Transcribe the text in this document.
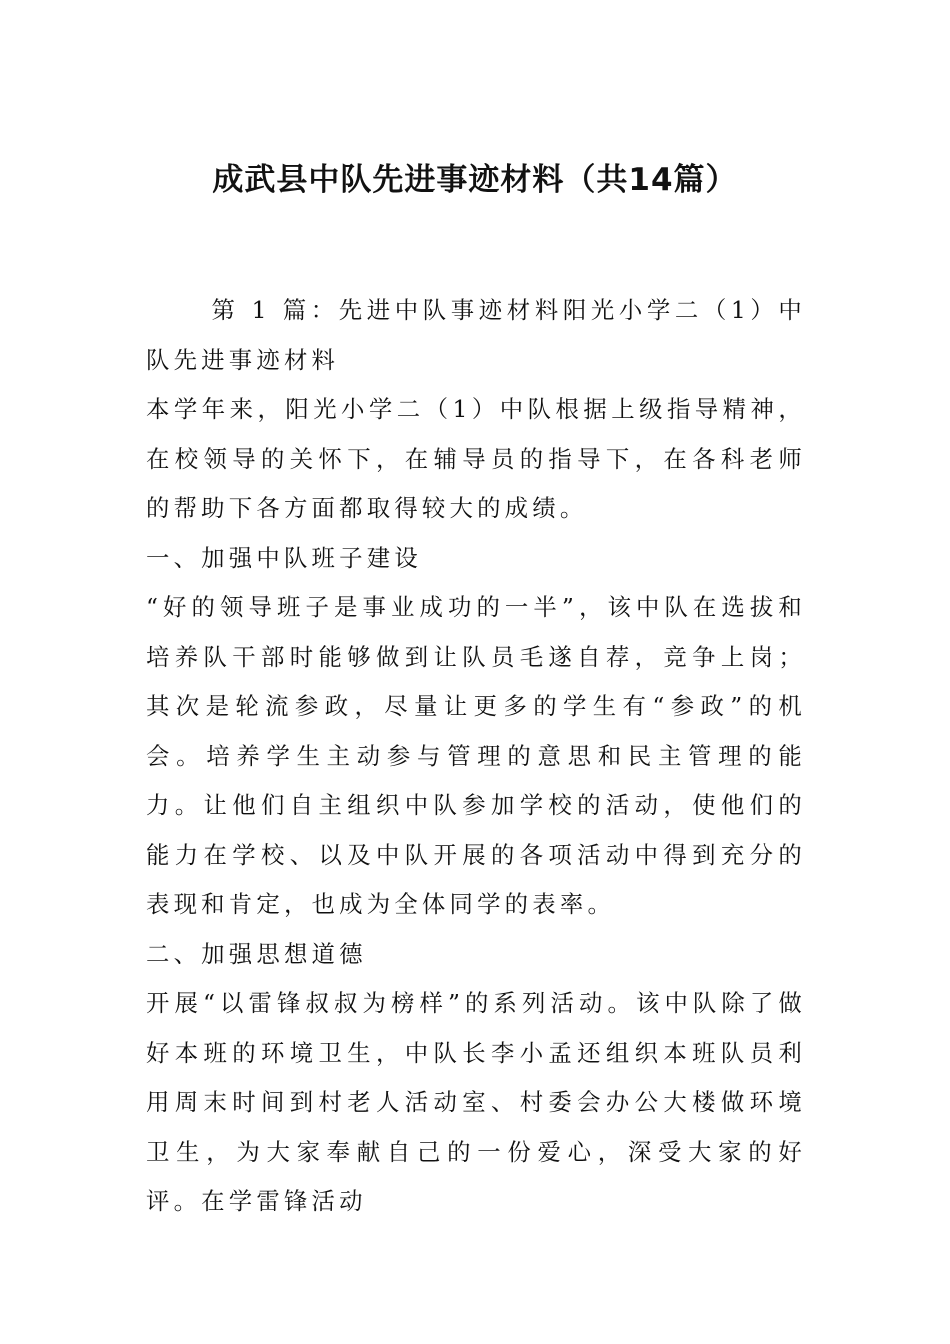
成武县中队先进事迹材料（共14篇）

第 1 篇：先进中队事迹材料阳光小学二（1）中队先进事迹材料

本学年来，阳光小学二（1）中队根据上级指导精神，在校领导的关怀下，在辅导员的指导下，在各科老师的帮助下各方面都取得较大的成绩。

一、加强中队班子建设

“好的领导班子是事业成功的一半”，该中队在选拔和培养队干部时能够做到让队员毛遂自荐，竞争上岗；其次是轮流参政，尽量让更多的学生有“参政”的机会。培养学生主动参与管理的意思和民主管理的能力。让他们自主组织中队参加学校的活动，使他们的能力在学校、以及中队开展的各项活动中得到充分的表现和肯定，也成为全体同学的表率。

二、加强思想道德

开展“以雷锋叔叔为榜样”的系列活动。该中队除了做好本班的环境卫生，中队长李小孟还组织本班队员利用周末时间到村老人活动室、村委会办公大楼做环境卫生，为大家奉献自己的一份爱心，深受大家的好评。在学雷锋活动
